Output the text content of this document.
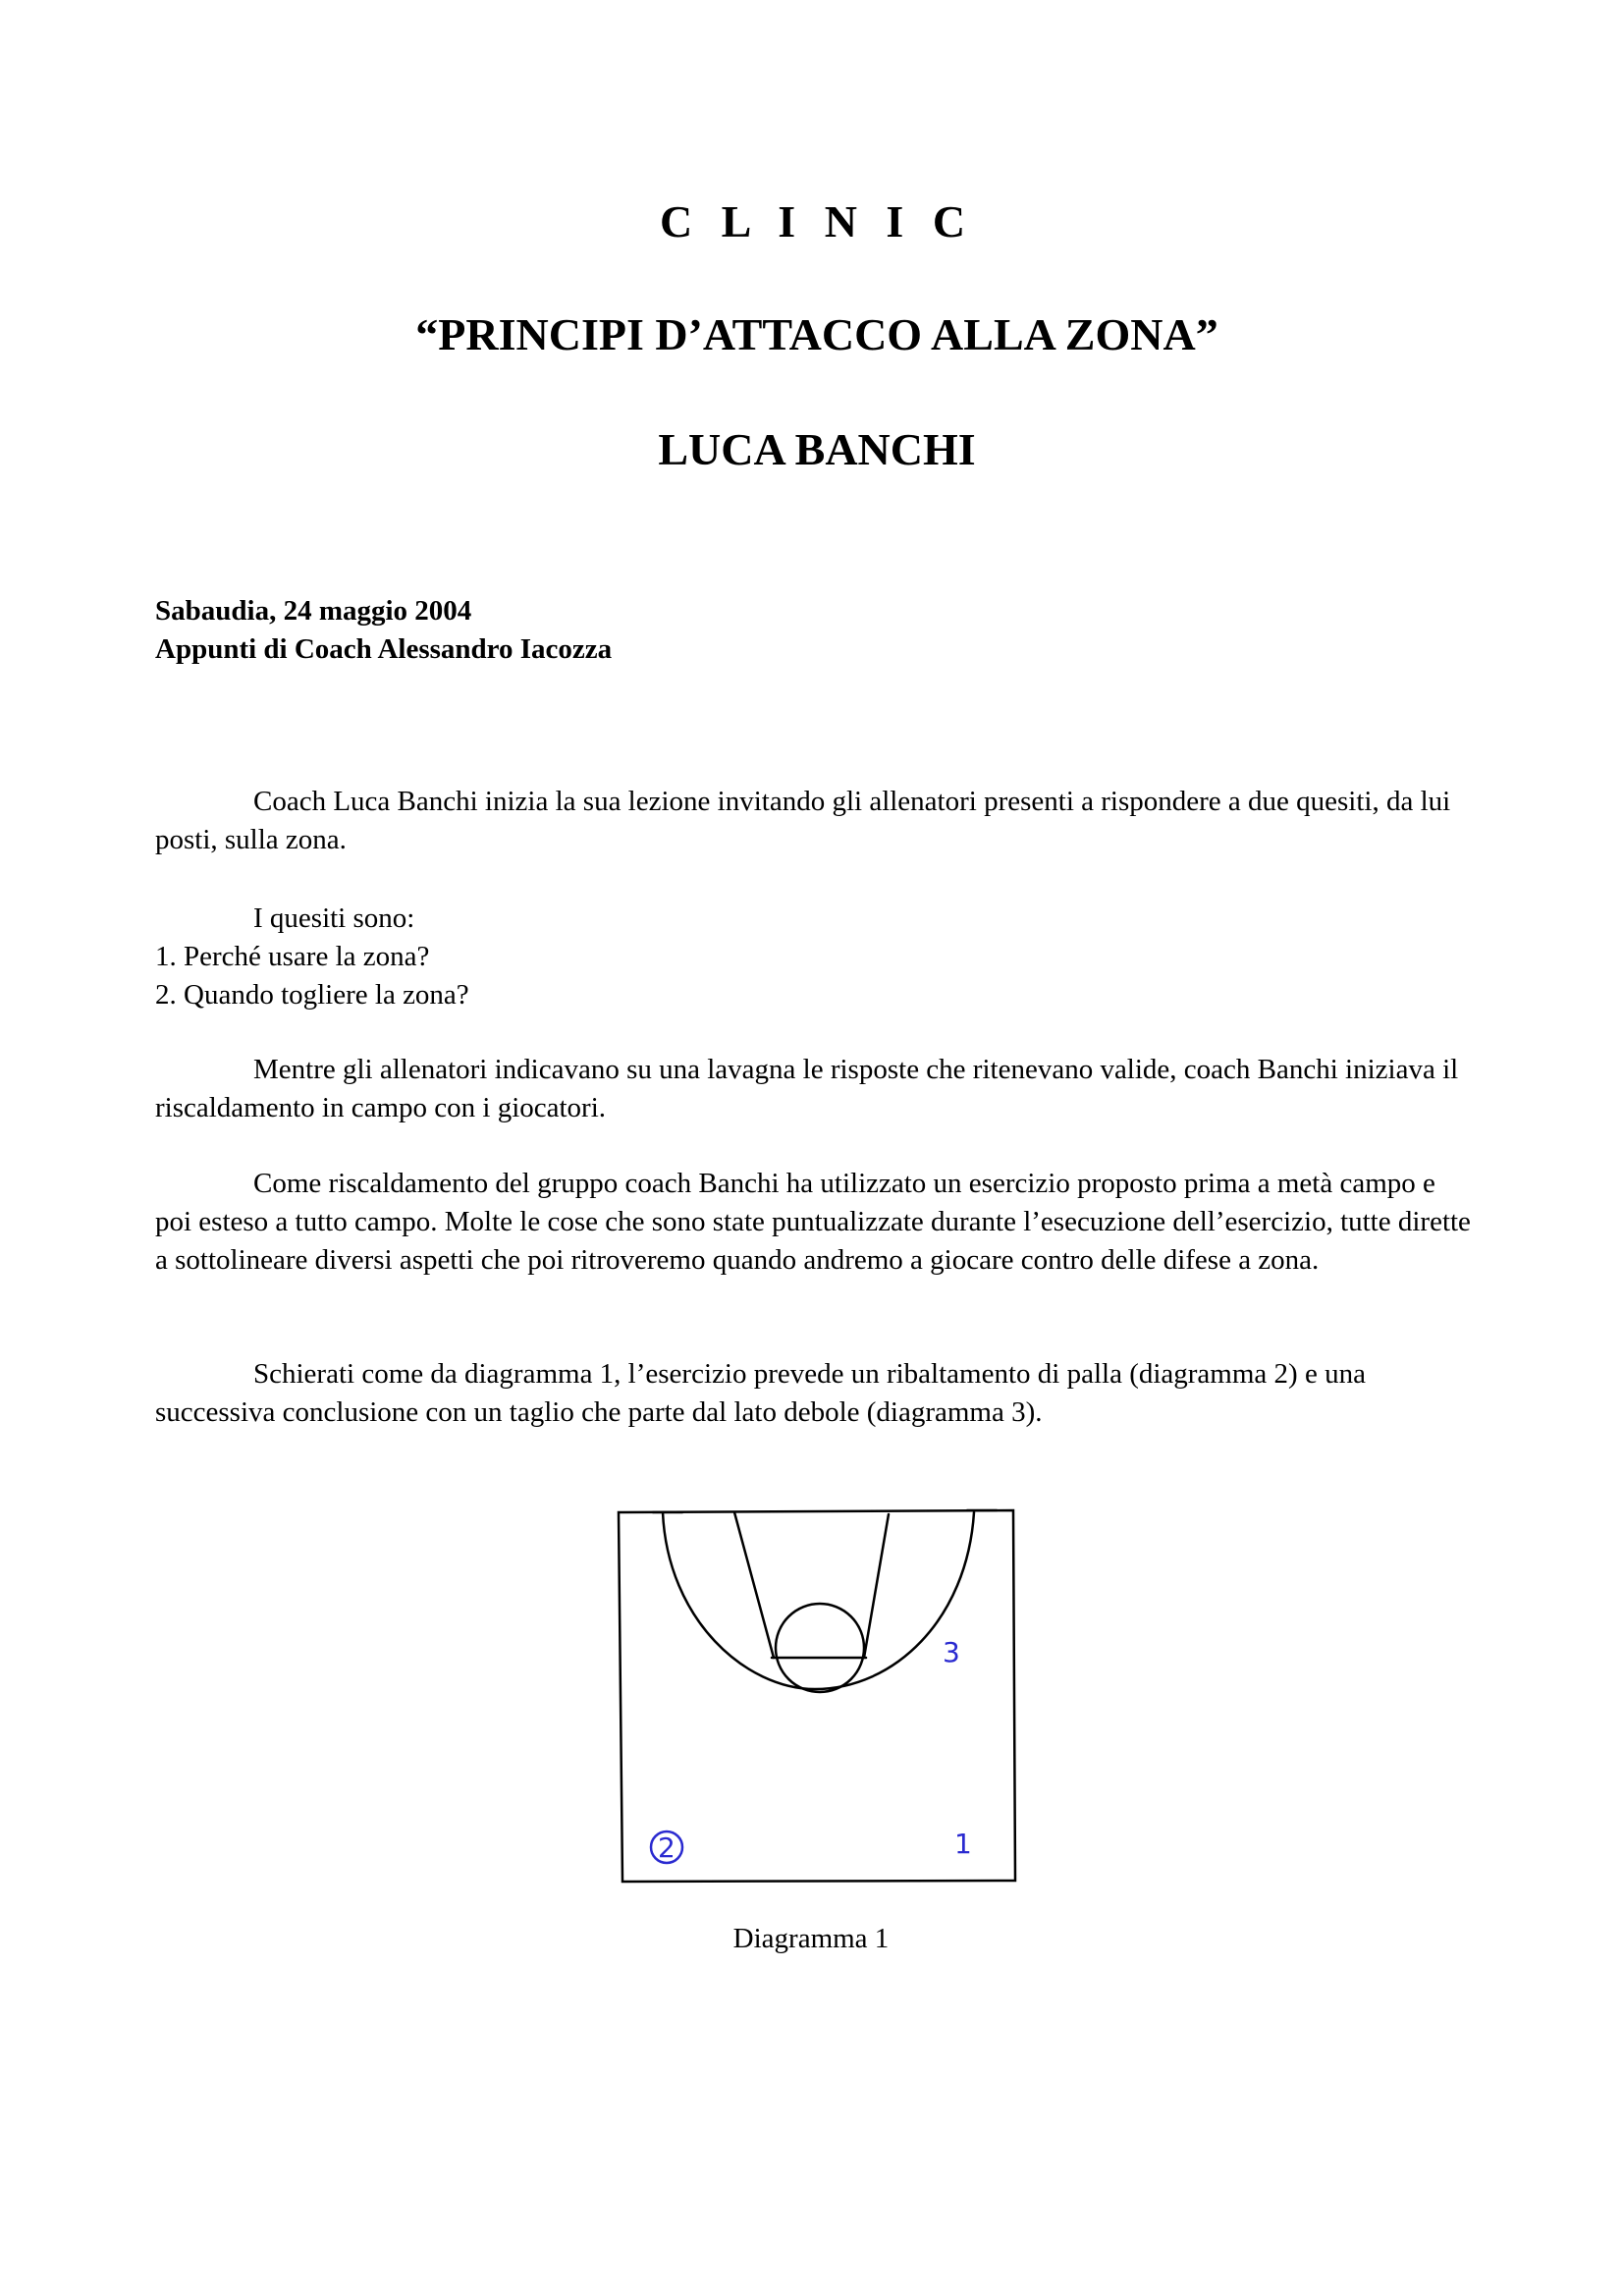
C L I N I C
“PRINCIPI D’ATTACCO ALLA ZONA”
LUCA BANCHI

Sabaudia, 24 maggio 2004

Appunti di Coach Alessandro Iacozza

Coach Luca Banchi inizia la sua lezione invitando gli allenatori presenti a rispondere a due quesiti, da lui posti, sulla zona.

I quesiti sono:

1. Perché usare la zona?

2. Quando togliere la zona?

Mentre gli allenatori indicavano su una lavagna le risposte che ritenevano valide, coach Banchi iniziava il riscaldamento in campo con i giocatori.

Come riscaldamento del gruppo coach Banchi ha utilizzato un esercizio proposto prima a metà campo e poi esteso a tutto campo. Molte le cose che sono state puntualizzate durante l’esecuzione dell’esercizio, tutte dirette a sottolineare diversi aspetti che poi ritroveremo quando andremo a giocare contro delle difese a zona.

Schierati come da diagramma 1, l’esercizio prevede un ribaltamento di palla (diagramma 2) e una successiva conclusione con un taglio che parte dal lato debole (diagramma 3).

3
2	1

Diagramma 1
